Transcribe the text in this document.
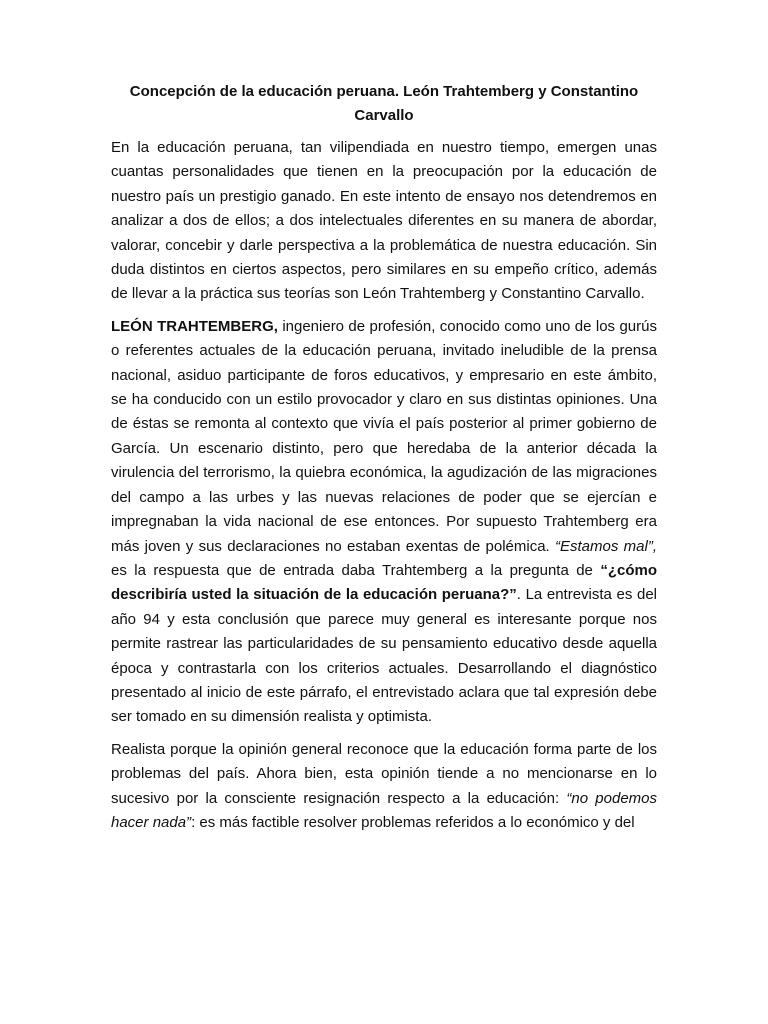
Concepción de la educación peruana. León Trahtemberg y Constantino Carvallo

En la educación peruana, tan vilipendiada en nuestro tiempo, emergen unas cuantas personalidades que tienen en la preocupación por la educación de nuestro país un prestigio ganado. En este intento de ensayo nos detendremos en analizar a dos de ellos; a dos intelectuales diferentes en su manera de abordar, valorar, concebir y darle perspectiva a la problemática de nuestra educación. Sin duda distintos en ciertos aspectos, pero similares en su empeño crítico, además de llevar a la práctica sus teorías son León Trahtemberg y Constantino Carvallo.

LEÓN TRAHTEMBERG, ingeniero de profesión, conocido como uno de los gurús o referentes actuales de la educación peruana, invitado ineludible de la prensa nacional, asiduo participante de foros educativos, y empresario en este ámbito, se ha conducido con un estilo provocador y claro en sus distintas opiniones. Una de éstas se remonta al contexto que vivía el país posterior al primer gobierno de García. Un escenario distinto, pero que heredaba de la anterior década la virulencia del terrorismo, la quiebra económica, la agudización de las migraciones del campo a las urbes y las nuevas relaciones de poder que se ejercían e impregnaban la vida nacional de ese entonces. Por supuesto Trahtemberg era más joven y sus declaraciones no estaban exentas de polémica. “Estamos mal”, es la respuesta que de entrada daba Trahtemberg a la pregunta de “¿cómo describiría usted la situación de la educación peruana?”. La entrevista es del año 94 y esta conclusión que parece muy general es interesante porque nos permite rastrear las particularidades de su pensamiento educativo desde aquella época y contrastarla con los criterios actuales. Desarrollando el diagnóstico presentado al inicio de este párrafo, el entrevistado aclara que tal expresión debe ser tomado en su dimensión realista y optimista.

Realista porque la opinión general reconoce que la educación forma parte de los problemas del país. Ahora bien, esta opinión tiende a no mencionarse en lo sucesivo por la consciente resignación respecto a la educación: “no podemos hacer nada”: es más factible resolver problemas referidos a lo económico y del
